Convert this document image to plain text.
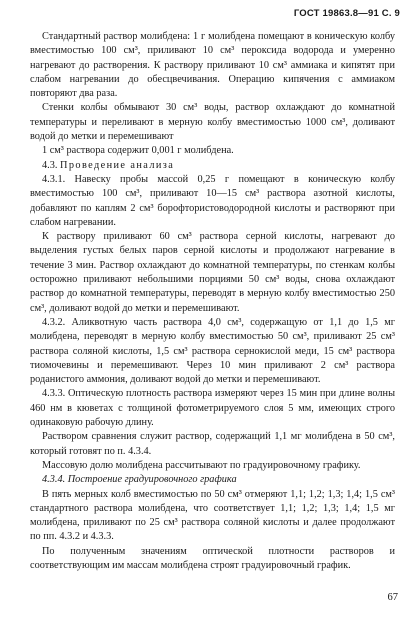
ГОСТ 19863.8—91 С. 9

Стандартный раствор молибдена: 1 г молибдена помещают в коническую колбу вместимостью 100 см³, приливают 10 см³ пероксида водорода и умеренно нагревают до растворения. К раствору приливают 10 см³ аммиака и кипятят при слабом нагревании до обесцвечивания. Операцию кипячения с аммиаком повторяют два раза.

Стенки колбы обмывают 30 см³ воды, раствор охлаждают до комнатной температуры и переливают в мерную колбу вместимостью 1000 см³, доливают водой до метки и перемешивают

1 см³ раствора содержит 0,001 г молибдена.

4.3. Проведение анализа

4.3.1. Навеску пробы массой 0,25 г помещают в коническую колбу вместимостью 100 см³, приливают 10—15 см³ раствора азотной кислоты, добавляют по каплям 2 см³ борофтористоводородной кислоты и растворяют при слабом нагревании.

К раствору приливают 60 см³ раствора серной кислоты, нагревают до выделения густых белых паров серной кислоты и продолжают нагревание в течение 3 мин. Раствор охлаждают до комнатной температуры, по стенкам колбы осторожно приливают небольшими порциями 50 см³ воды, снова охлаждают раствор до комнатной температуры, переводят в мерную колбу вместимостью 250 см³, доливают водой до метки и перемешивают.

4.3.2. Аликвотную часть раствора 4,0 см³, содержащую от 1,1 до 1,5 мг молибдена, переводят в мерную колбу вместимостью 50 см³, приливают 25 см³ раствора соляной кислоты, 1,5 см³ раствора сернокислой меди, 15 см³ раствора тиомочевины и перемешивают. Через 10 мин приливают 2 см³ раствора роданистого аммония, доливают водой до метки и перемешивают.

4.3.3. Оптическую плотность раствора измеряют через 15 мин при длине волны 460 нм в кюветах с толщиной фотометрируемого слоя 5 мм, имеющих строго одинаковую рабочую длину.

Раствором сравнения служит раствор, содержащий 1,1 мг молибдена в 50 см³, который готовят по п. 4.3.4.

Массовую долю молибдена рассчитывают по градуировочному графику.

4.3.4. Построение градуировочного графика

В пять мерных колб вместимостью по 50 см³ отмеряют 1,1; 1,2; 1,3; 1,4; 1,5 см³ стандартного раствора молибдена, что соответствует 1,1; 1,2; 1,3; 1,4; 1,5 мг молибдена, приливают по 25 см³ раствора соляной кислоты и далее продолжают по пп. 4.3.2 и 4.3.3.

По полученным значениям оптической плотности растворов и соответствующим им массам молибдена строят градуировочный график.

67
